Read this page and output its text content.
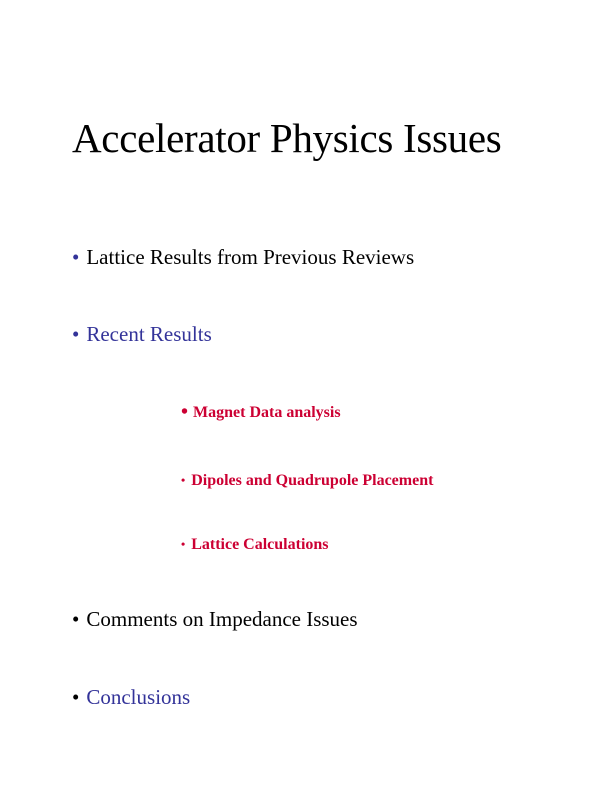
Accelerator Physics Issues
• Lattice Results from Previous Reviews
• Recent Results
• Magnet Data analysis
• Dipoles and Quadrupole Placement
• Lattice Calculations
• Comments on Impedance Issues
• Conclusions
